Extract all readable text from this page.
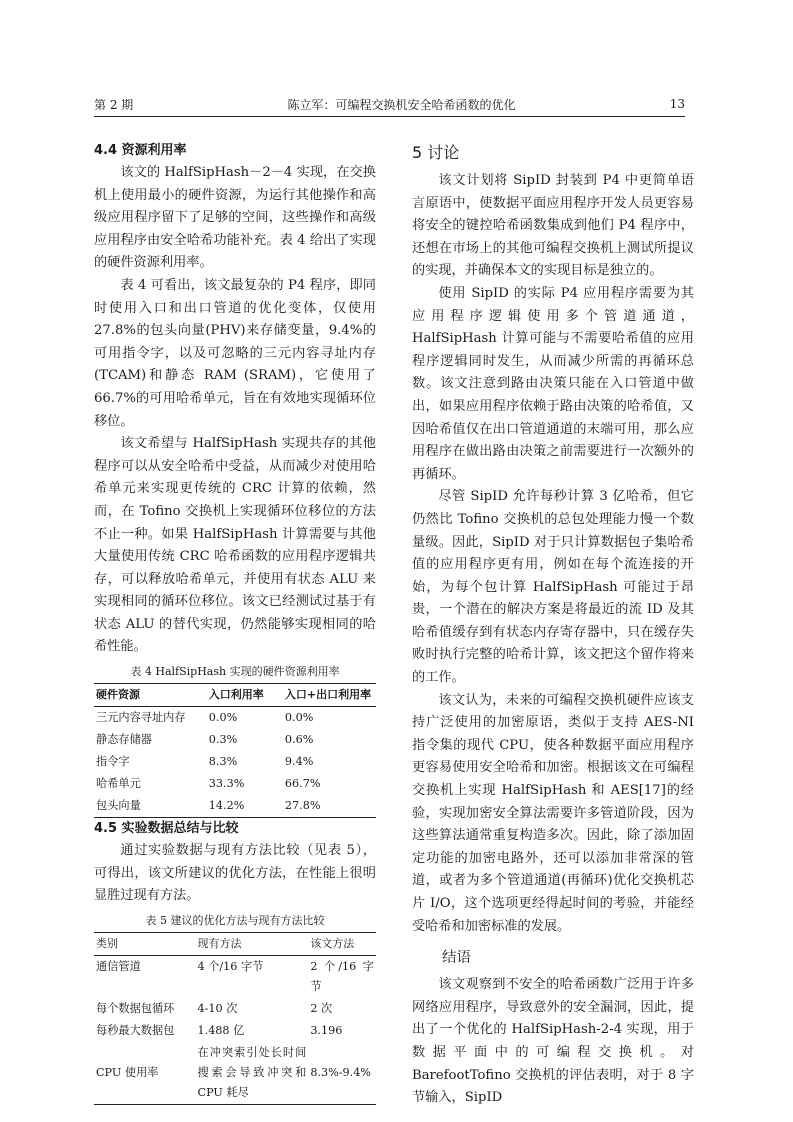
第 2 期	陈立军：可编程交换机安全哈希函数的优化	13
4.4 资源利用率

该文的 HalfSipHash－2－4 实现，在交换机上使用最小的硬件资源，为运行其他操作和高级应用程序留下了足够的空间，这些操作和高级应用程序由安全哈希功能补充。表 4 给出了实现的硬件资源利用率。

表 4 可看出，该文最复杂的 P4 程序，即同时使用入口和出口管道的优化变体，仅使用 27.8%的包头向量(PHV)来存储变量，9.4%的可用指令字，以及可忽略的三元内容寻址内存(TCAM)和静态 RAM (SRAM)，它使用了 66.7%的可用哈希单元，旨在有效地实现循环位移位。

该文希望与 HalfSipHash 实现共存的其他程序可以从安全哈希中受益，从而减少对使用哈希单元来实现更传统的 CRC 计算的依赖，然而，在 Tofino 交换机上实现循环位移位的方法不止一种。如果 HalfSipHash 计算需要与其他大量使用传统 CRC 哈希函数的应用程序逻辑共存，可以释放哈希单元，并使用有状态 ALU 来实现相同的循环位移位。该文已经测试过基于有状态 ALU 的替代实现，仍然能够实现相同的哈希性能。

表 4 HalfSipHash 实现的硬件资源利用率
硬件资源	入口利用率	入口+出口利用率
三元内容寻址内存	0.0%	0.0%
静态存储器	0.3%	0.6%
指令字	8.3%	9.4%
哈希单元	33.3%	66.7%
包头向量	14.2%	27.8%
4.5 实验数据总结与比较

通过实验数据与现有方法比较（见表 5），可得出，该文所建议的优化方法，在性能上很明显胜过现有方法。

表 5 建议的优化方法与现有方法比较
类别	现有方法	该文方法
通信管道	4 个/16 字节	2 个/16 字节
每个数据包循环	4-10 次	2 次
每秒最大数据包	1.488 亿	3.196
CPU 使用率	在冲突索引处长时间搜索会导致冲突和 CPU 耗尽	8.3%-9.4%
5 讨论

该文计划将 SipID 封装到 P4 中更简单语言原语中，使数据平面应用程序开发人员更容易将安全的键控哈希函数集成到他们 P4 程序中，还想在市场上的其他可编程交换机上测试所提议的实现，并确保本文的实现目标是独立的。

使用 SipID 的实际 P4 应用程序需要为其应用程序逻辑使用多个管道通道，HalfSipHash 计算可能与不需要哈希值的应用程序逻辑同时发生，从而减少所需的再循环总数。该文注意到路由决策只能在入口管道中做出，如果应用程序依赖于路由决策的哈希值，又因哈希值仅在出口管道通道的末端可用，那么应用程序在做出路由决策之前需要进行一次额外的再循环。

尽管 SipID 允许每秒计算 3 亿哈希，但它仍然比 Tofino 交换机的总包处理能力慢一个数量级。因此，SipID 对于只计算数据包子集哈希值的应用程序更有用，例如在每个流连接的开始，为每个包计算 HalfSipHash 可能过于昂贵，一个潜在的解决方案是将最近的流 ID 及其哈希值缓存到有状态内存寄存器中，只在缓存失败时执行完整的哈希计算，该文把这个留作将来的工作。

该文认为，未来的可编程交换机硬件应该支持广泛使用的加密原语，类似于支持 AES-NI 指令集的现代 CPU，使各种数据平面应用程序更容易使用安全哈希和加密。根据该文在可编程交换机上实现 HalfSipHash 和 AES[17]的经验，实现加密安全算法需要许多管道阶段，因为这些算法通常重复构造多次。因此，除了添加固定功能的加密电路外，还可以添加非常深的管道，或者为多个管道通道(再循环)优化交换机芯片 I/O，这个选项更经得起时间的考验，并能经受哈希和加密标准的发展。

结语

该文观察到不安全的哈希函数广泛用于许多网络应用程序，导致意外的安全漏洞，因此，提出了一个优化的 HalfSipHash-2-4 实现，用于数据平面中的可编程交换机。对 BarefootTofino 交换机的评估表明，对于 8 字节输入，SipID
